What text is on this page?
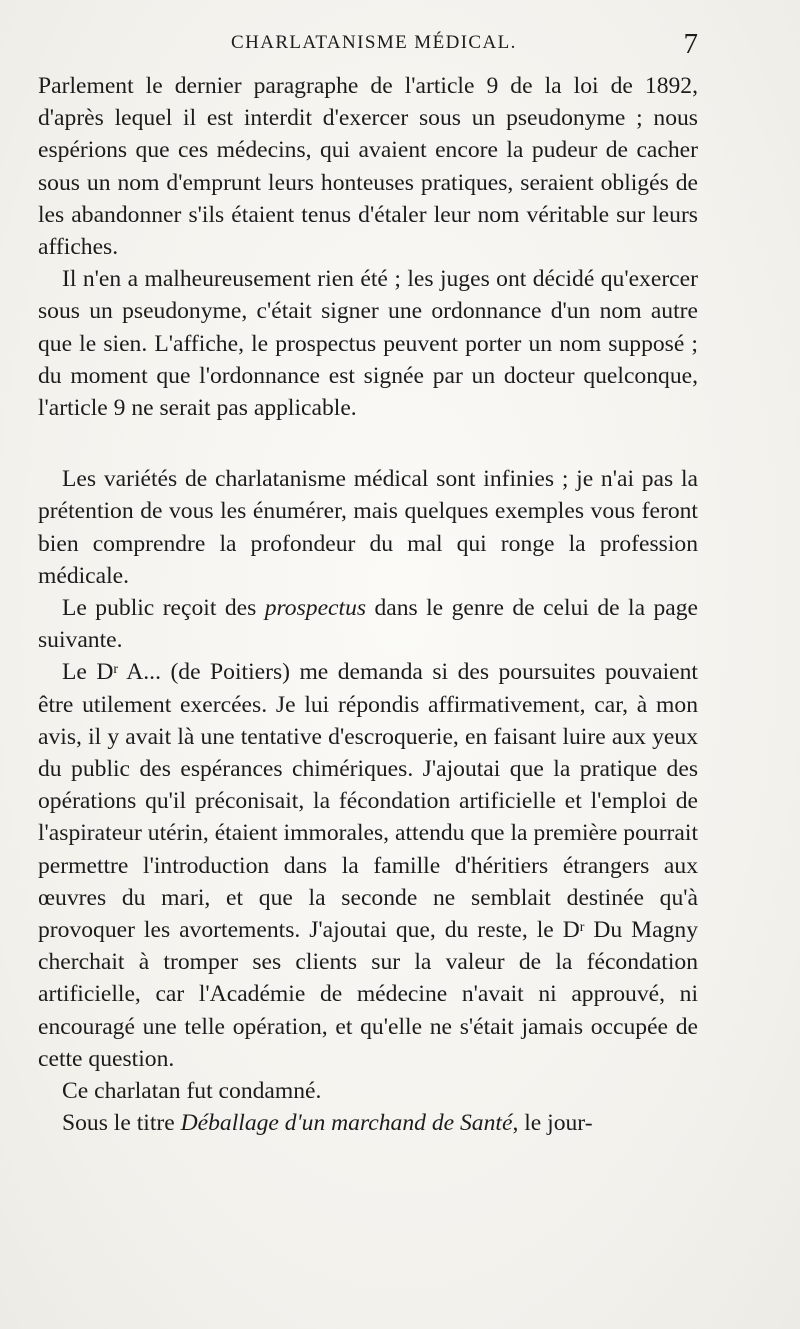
CHARLATANISME MÉDICAL.	7

Parlement le dernier paragraphe de l'article 9 de la loi de 1892, d'après lequel il est interdit d'exercer sous un pseudonyme ; nous espérions que ces médecins, qui avaient encore la pudeur de cacher sous un nom d'emprunt leurs honteuses pratiques, seraient obligés de les abandonner s'ils étaient tenus d'étaler leur nom véritable sur leurs affiches.

Il n'en a malheureusement rien été ; les juges ont décidé qu'exercer sous un pseudonyme, c'était signer une ordonnance d'un nom autre que le sien. L'affiche, le prospectus peuvent porter un nom supposé ; du moment que l'ordonnance est signée par un docteur quelconque, l'article 9 ne serait pas applicable.

Les variétés de charlatanisme médical sont infinies ; je n'ai pas la prétention de vous les énumérer, mais quelques exemples vous feront bien comprendre la profondeur du mal qui ronge la profession médicale.

Le public reçoit des prospectus dans le genre de celui de la page suivante.

Le $D^r$ A... (de Poitiers) me demanda si des poursuites pouvaient être utilement exercées. Je lui répondis affirmativement, car, à mon avis, il y avait là une tentative d'escroquerie, en faisant luire aux yeux du public des espérances chimériques. J'ajoutai que la pratique des opérations qu'il préconisait, la fécondation artificielle et l'emploi de l'aspirateur utérin, étaient immorales, attendu que la première pourrait permettre l'introduction dans la famille d'héritiers étrangers aux œuvres du mari, et que la seconde ne semblait destinée qu'à provoquer les avortements. J'ajoutai que, du reste, le $D^r$ Du Magny cherchait à tromper ses clients sur la valeur de la fécondation artificielle, car l'Académie de médecine n'avait ni approuvé, ni encouragé une telle opération, et qu'elle ne s'était jamais occupée de cette question.

Ce charlatan fut condamné.

Sous le titre Déballage d'un marchand de Santé, le jour-
